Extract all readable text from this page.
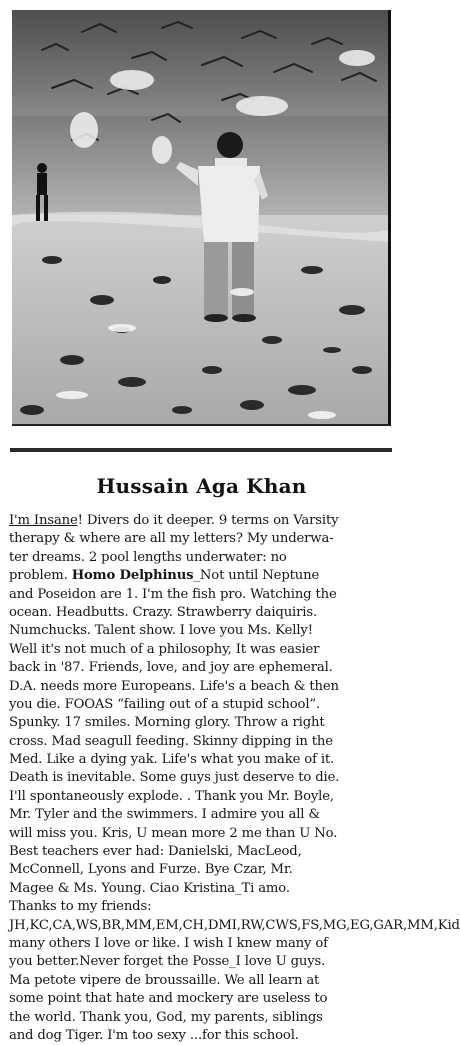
Hussain Aga Khan
I'm Insane! Divers do it deeper. 9 terms on Varsity
therapy & where are all my letters? My underwa-
ter dreams. 2 pool lengths underwater: no
problem. Homo Delphinus_Not until Neptune
and Poseidon are 1. I'm the fish pro. Watching the
ocean. Headbutts. Crazy. Strawberry daiquiris.
Numchucks. Talent show. I love you Ms. Kelly!
Well it's not much of a philosophy, It was easier
back in '87. Friends, love, and joy are ephemeral.
D.A. needs more Europeans. Life's a beach & then
you die. FOOAS “failing out of a stupid school”.
Spunky. 17 smiles. Morning glory. Throw a right
cross. Mad seagull feeding. Skinny dipping in the
Med. Like a dying yak. Life's what you make of it.
Death is inevitable. Some guys just deserve to die.
I'll spontaneously explode. . Thank you Mr. Boyle,
Mr. Tyler and the swimmers. I admire you all &
will miss you. Kris, U mean more 2 me than U No.
Best teachers ever had: Danielski, MacLeod,
McConnell, Lyons and Furze. Bye Czar, Mr.
Magee & Ms. Young. Ciao Kristina_Ti amo.
Thanks to my friends:
JH,KC,CA,WS,BR,MM,EM,CH,DMI,RW,CWS,FS,MG,EG,GAR,MM,Kid
many others I love or like. I wish I knew many of
you better.Never forget the Posse_I love U guys.
Ma petote vipere de broussaille. We all learn at
some point that hate and mockery are useless to
the world. Thank you, God, my parents, siblings
and dog Tiger. I'm too sexy ...for this school.
